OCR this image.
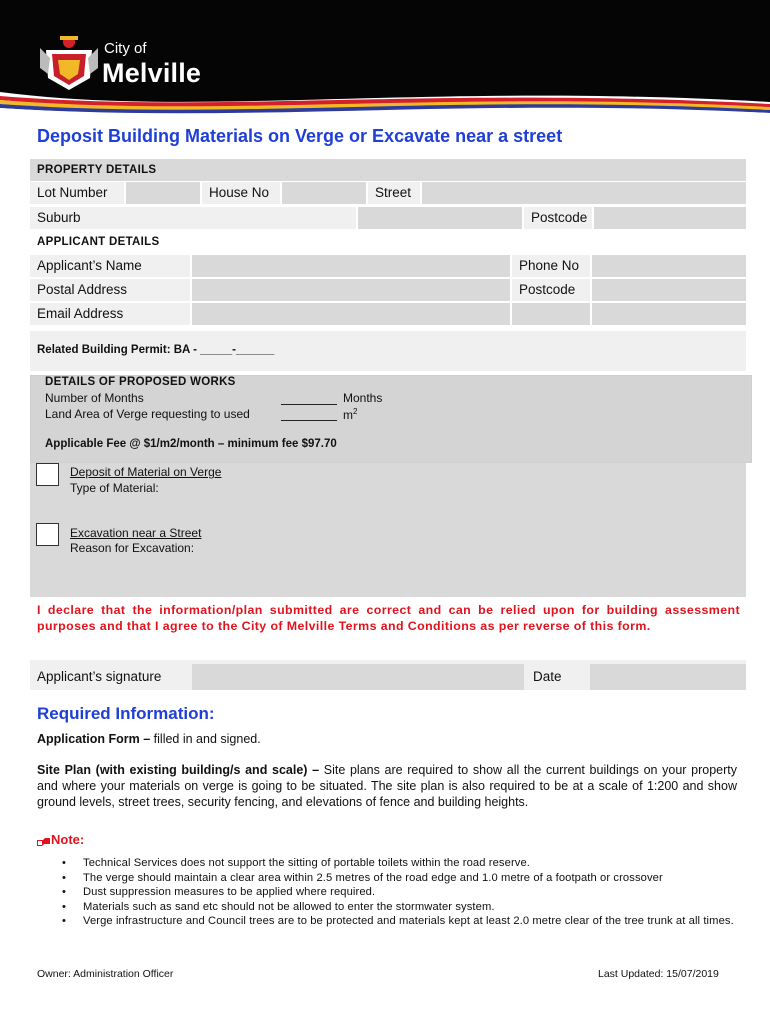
City of
Melville
Deposit Building Materials on Verge or Excavate near a street
PROPERTY DETAILS
Lot Number	House No	Street
Suburb	Postcode
APPLICANT DETAILS
Applicant’s Name	Phone No
Postal Address	Postcode
Email Address
Related Building Permit: BA - _____-______
DETAILS OF PROPOSED WORKS
Number of Months	Months
Land Area of Verge requesting to used	$m^2$
Applicable Fee @ $1/m2/month – minimum fee $97.70
Deposit of Material on Verge
Type of Material:
Excavation near a Street
Reason for Excavation:
I declare that the information/plan submitted are correct and can be relied upon for building assessment purposes and that I agree to the City of Melville Terms and Conditions as per reverse of this form.
Applicant’s signature	Date
Required Information:
Application Form – filled in and signed.
Site Plan (with existing building/s and scale) – Site plans are required to show all the current buildings on your property and where your materials on verge is going to be situated. The site plan is also required to be at a scale of 1:200 and show ground levels, street trees, security fencing, and elevations of fence and building heights.
Note:
• Technical Services does not support the sitting of portable toilets within the road reserve.
• The verge should maintain a clear area within 2.5 metres of the road edge and 1.0 metre of a footpath or crossover
• Dust suppression measures to be applied where required.
• Materials such as sand etc should not be allowed to enter the stormwater system.
• Verge infrastructure and Council trees are to be protected and materials kept at least 2.0 metre clear of the tree trunk at all times.
Owner: Administration Officer	Last Updated: 15/07/2019
